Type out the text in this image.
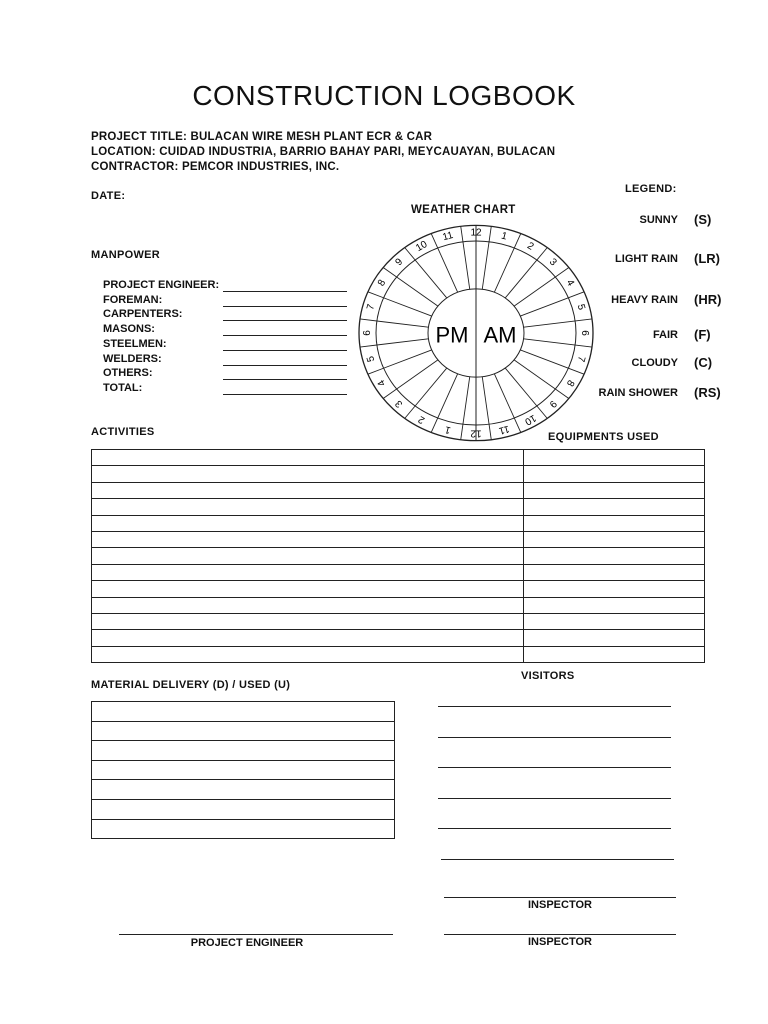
CONSTRUCTION LOGBOOK
PROJECT TITLE: BULACAN WIRE MESH PLANT ECR & CAR
LOCATION: CUIDAD INDUSTRIA, BARRIO BAHAY PARI, MEYCAUAYAN, BULACAN
CONTRACTOR: PEMCOR INDUSTRIES, INC.
DATE:
LEGEND:
SUNNY (S)
LIGHT RAIN (LR)
HEAVY RAIN (HR)
FAIR (F)
CLOUDY (C)
RAIN SHOWER (RS)
WEATHER CHART
1
2
3
4
5
6
7
8
9
10
11
12
1
2
3
4
5
6
7
8
9
10
11 12
PM AM
MANPOWER
PROJECT ENGINEER:
FOREMAN:
CARPENTERS:
MASONS:
STEELMEN:
WELDERS:
OTHERS:
TOTAL:
ACTIVITIES	EQUIPMENTS USED

MATERIAL DELIVERY (D) / USED (U)

VISITORS
INSPECTOR
INSPECTOR
PROJECT ENGINEER
